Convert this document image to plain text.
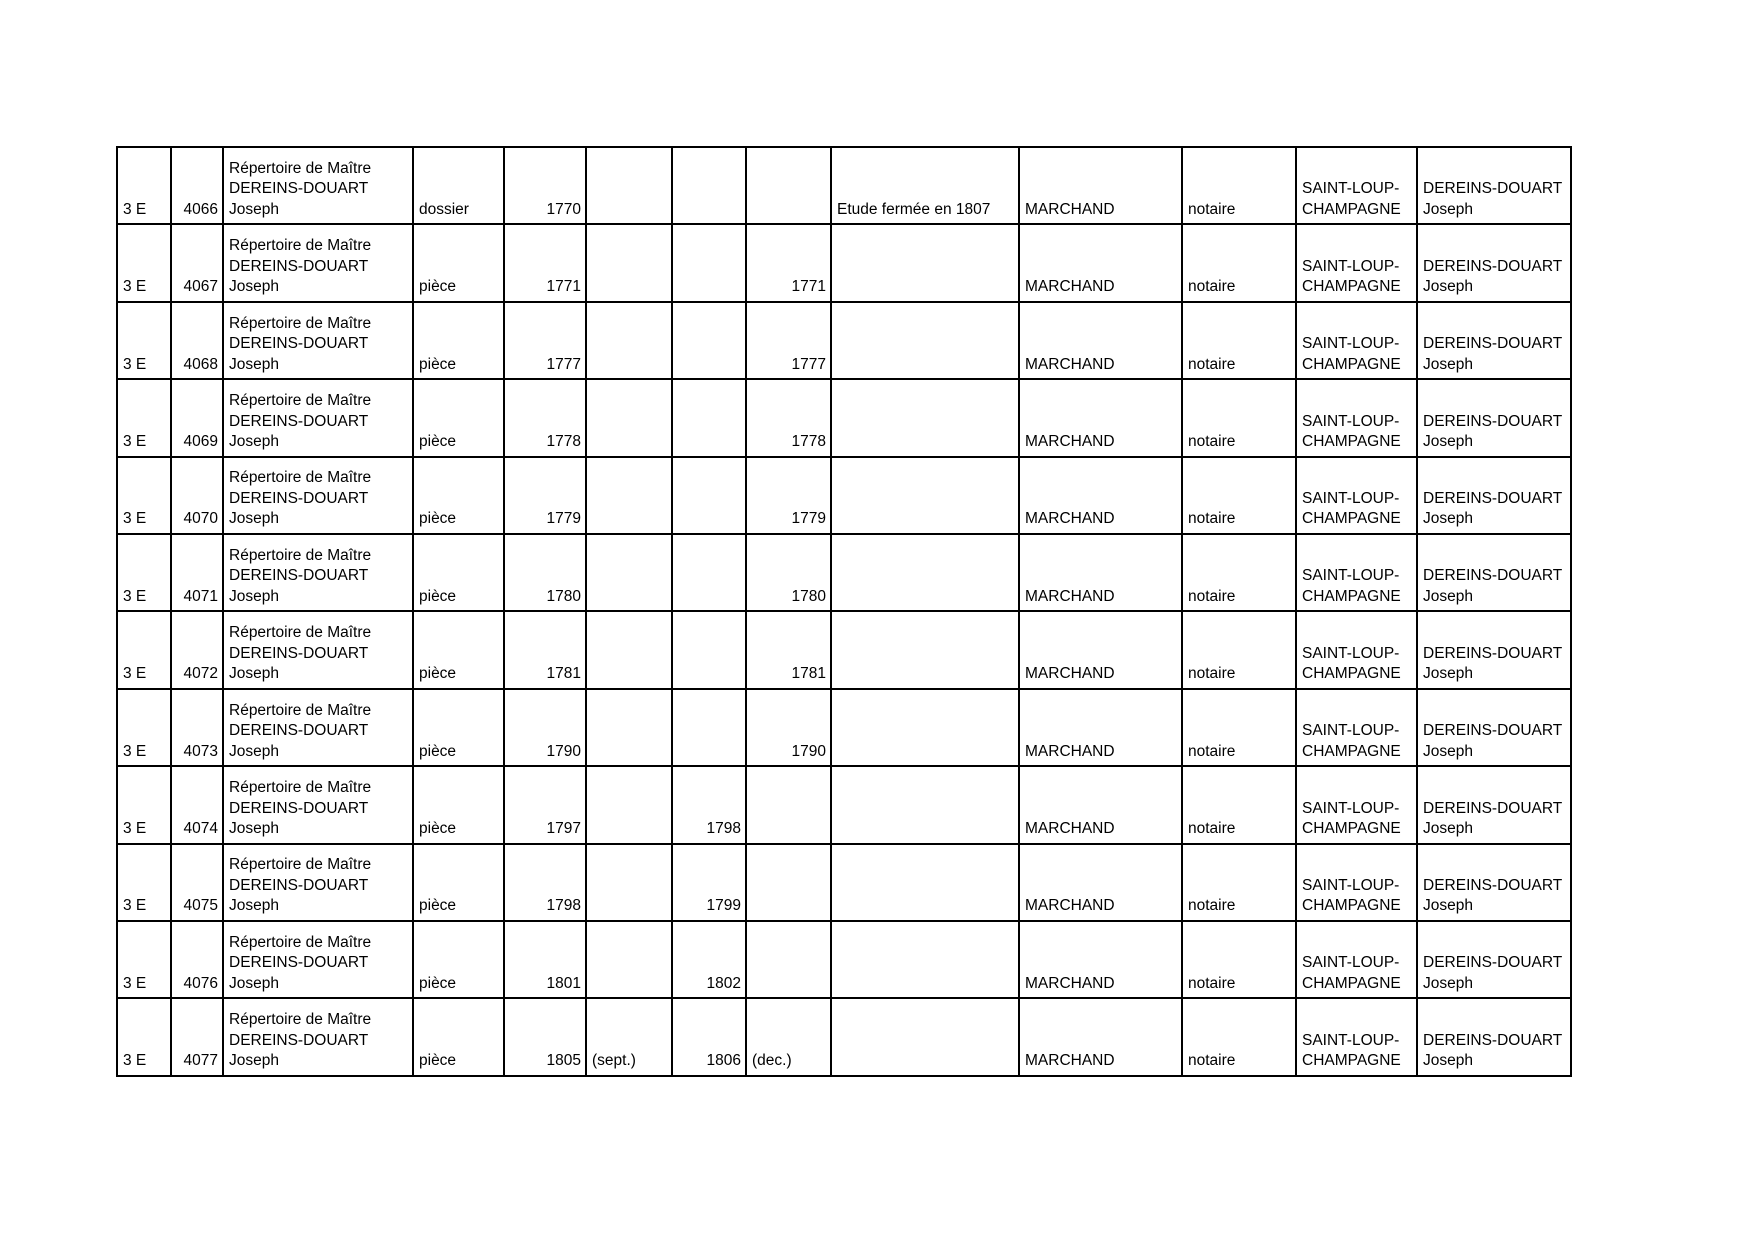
3 E	4066	Répertoire de Maître DEREINS-DOUART Joseph	dossier	1770				Etude fermée en 1807	MARCHAND	notaire	SAINT-LOUP-CHAMPAGNE	DEREINS-DOUART Joseph
3 E	4067	Répertoire de Maître DEREINS-DOUART Joseph	pièce	1771			1771		MARCHAND	notaire	SAINT-LOUP-CHAMPAGNE	DEREINS-DOUART Joseph
3 E	4068	Répertoire de Maître DEREINS-DOUART Joseph	pièce	1777			1777		MARCHAND	notaire	SAINT-LOUP-CHAMPAGNE	DEREINS-DOUART Joseph
3 E	4069	Répertoire de Maître DEREINS-DOUART Joseph	pièce	1778			1778		MARCHAND	notaire	SAINT-LOUP-CHAMPAGNE	DEREINS-DOUART Joseph
3 E	4070	Répertoire de Maître DEREINS-DOUART Joseph	pièce	1779			1779		MARCHAND	notaire	SAINT-LOUP-CHAMPAGNE	DEREINS-DOUART Joseph
3 E	4071	Répertoire de Maître DEREINS-DOUART Joseph	pièce	1780			1780		MARCHAND	notaire	SAINT-LOUP-CHAMPAGNE	DEREINS-DOUART Joseph
3 E	4072	Répertoire de Maître DEREINS-DOUART Joseph	pièce	1781			1781		MARCHAND	notaire	SAINT-LOUP-CHAMPAGNE	DEREINS-DOUART Joseph
3 E	4073	Répertoire de Maître DEREINS-DOUART Joseph	pièce	1790			1790		MARCHAND	notaire	SAINT-LOUP-CHAMPAGNE	DEREINS-DOUART Joseph
3 E	4074	Répertoire de Maître DEREINS-DOUART Joseph	pièce	1797		1798			MARCHAND	notaire	SAINT-LOUP-CHAMPAGNE	DEREINS-DOUART Joseph
3 E	4075	Répertoire de Maître DEREINS-DOUART Joseph	pièce	1798		1799			MARCHAND	notaire	SAINT-LOUP-CHAMPAGNE	DEREINS-DOUART Joseph
3 E	4076	Répertoire de Maître DEREINS-DOUART Joseph	pièce	1801		1802			MARCHAND	notaire	SAINT-LOUP-CHAMPAGNE	DEREINS-DOUART Joseph
3 E	4077	Répertoire de Maître DEREINS-DOUART Joseph	pièce	1805	(sept.)	1806	(dec.)		MARCHAND	notaire	SAINT-LOUP-CHAMPAGNE	DEREINS-DOUART Joseph
